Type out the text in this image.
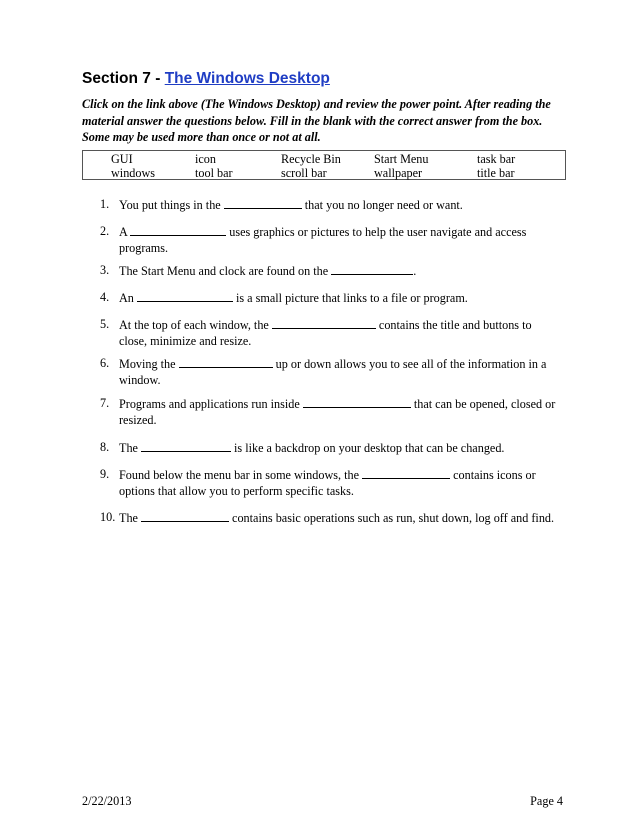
Section 7 - The Windows Desktop
Click on the link above (The Windows Desktop) and review the power point. After reading the material answer the questions below. Fill in the blank with the correct answer from the box. Some may be used more than once or not at all.
GUI	icon	Recycle Bin	Start Menu	task bar
windows	tool bar	scroll bar	wallpaper	title bar
1. You put things in the	that you no longer need or want.
2. A	uses graphics or pictures to help the user navigate and access programs.
3. The Start Menu and clock are found on the	.
4. An	is a small picture that links to a file or program.
5. At the top of each window, the	contains the title and buttons to close, minimize and resize.
6. Moving the	up or down allows you to see all of the information in a window.
7. Programs and applications run inside	that can be opened, closed or resized.
8. The	is like a backdrop on your desktop that can be changed.
9. Found below the menu bar in some windows, the	contains icons or options that allow you to perform specific tasks.
10. The	contains basic operations such as run, shut down, log off and find.
2/22/2013	Page 4
